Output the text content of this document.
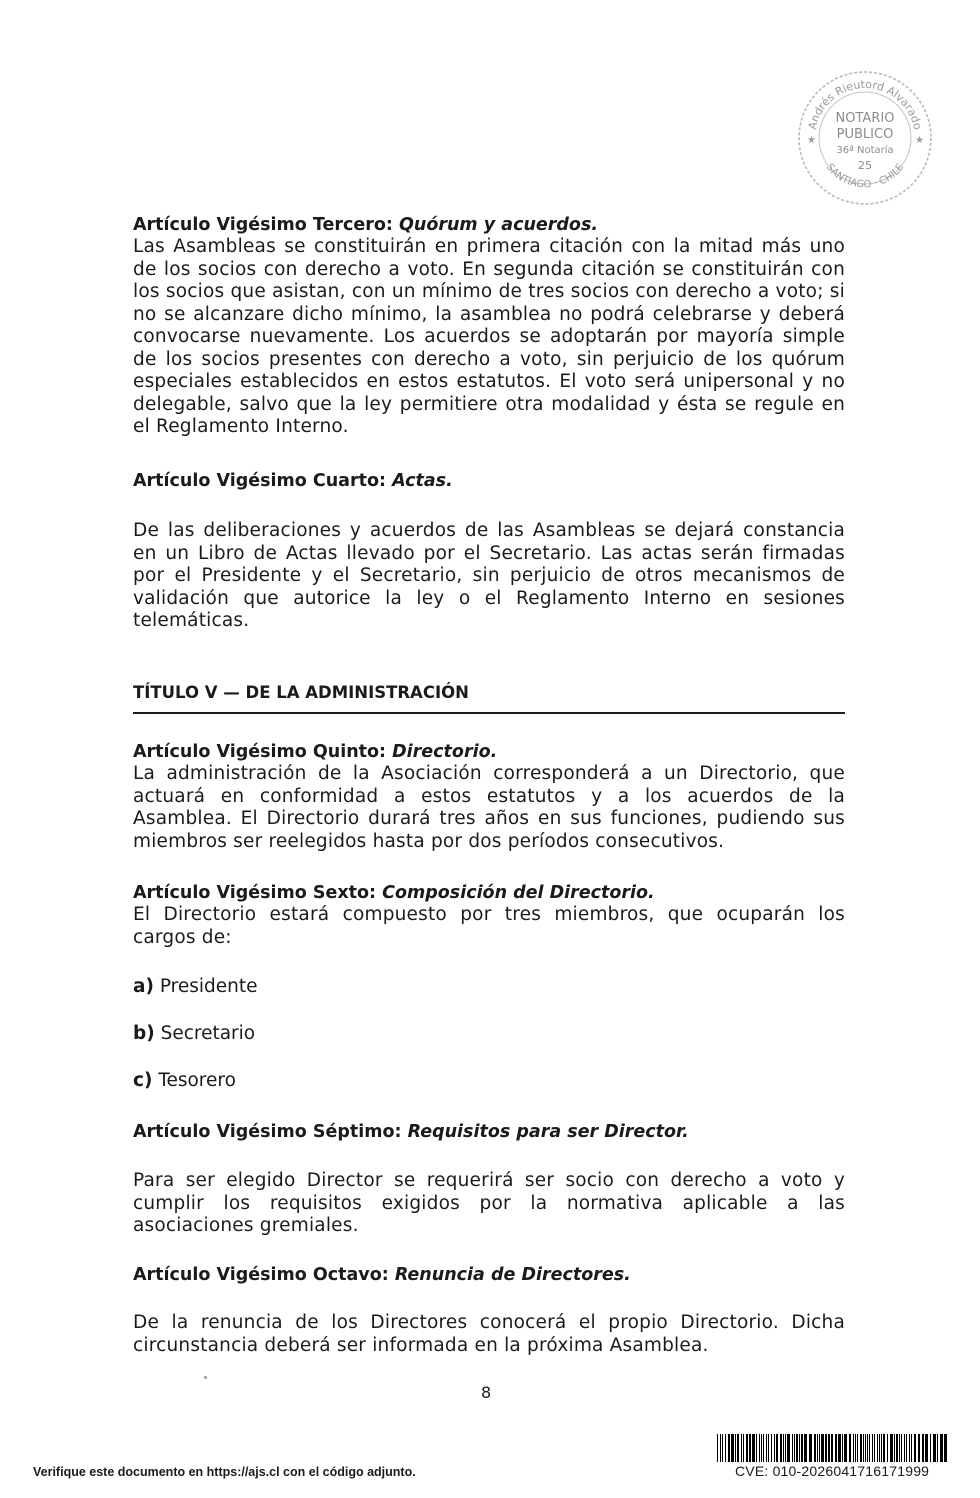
Andrés Rieutord Alvarado
SANTIAGO · CHILE
NOTARIO
PUBLICO
36ª Notaría
25
★	★

Artículo Vigésimo Tercero: Quórum y acuerdos.

Las Asambleas se constituirán en primera citación con la mitad más uno de los socios con derecho a voto. En segunda citación se constituirán con los socios que asistan, con un mínimo de tres socios con derecho a voto; si no se alcanzare dicho mínimo, la asamblea no podrá celebrarse y deberá convocarse nuevamente. Los acuerdos se adoptarán por mayoría simple de los socios presentes con derecho a voto, sin perjuicio de los quórum especiales establecidos en estos estatutos. El voto será unipersonal y no delegable, salvo que la ley permitiere otra modalidad y ésta se regule en el Reglamento Interno.

Artículo Vigésimo Cuarto: Actas.

De las deliberaciones y acuerdos de las Asambleas se dejará constancia en un Libro de Actas llevado por el Secretario. Las actas serán firmadas por el Presidente y el Secretario, sin perjuicio de otros mecanismos de validación que autorice la ley o el Reglamento Interno en sesiones telemáticas.

TÍTULO V — DE LA ADMINISTRACIÓN

Artículo Vigésimo Quinto: Directorio.

La administración de la Asociación corresponderá a un Directorio, que actuará en conformidad a estos estatutos y a los acuerdos de la Asamblea. El Directorio durará tres años en sus funciones, pudiendo sus miembros ser reelegidos hasta por dos períodos consecutivos.

Artículo Vigésimo Sexto: Composición del Directorio.

El Directorio estará compuesto por tres miembros, que ocuparán los cargos de:

a) Presidente

b) Secretario

c) Tesorero

Artículo Vigésimo Séptimo: Requisitos para ser Director.

Para ser elegido Director se requerirá ser socio con derecho a voto y cumplir los requisitos exigidos por la normativa aplicable a las asociaciones gremiales.

Artículo Vigésimo Octavo: Renuncia de Directores.

De la renuncia de los Directores conocerá el propio Directorio. Dicha circunstancia deberá ser informada en la próxima Asamblea.

8
Verifique este documento en https://ajs.cl con el código adjunto.	CVE: 010-2026041716171999
